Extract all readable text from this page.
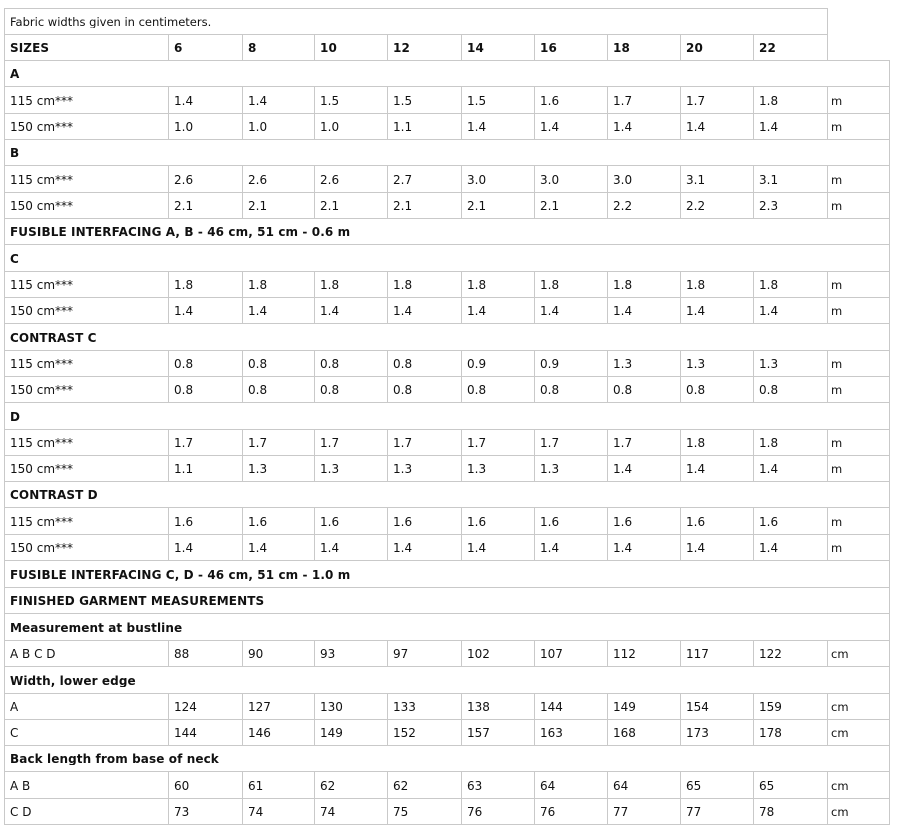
Fabric widths given in centimeters.
SIZES	6	8	10	12	14	16	18	20	22
A
115 cm***	1.4	1.4	1.5	1.5	1.5	1.6	1.7	1.7	1.8	m
150 cm***	1.0	1.0	1.0	1.1	1.4	1.4	1.4	1.4	1.4	m
B
115 cm***	2.6	2.6	2.6	2.7	3.0	3.0	3.0	3.1	3.1	m
150 cm***	2.1	2.1	2.1	2.1	2.1	2.1	2.2	2.2	2.3	m
FUSIBLE INTERFACING A, B - 46 cm, 51 cm - 0.6 m
C
115 cm***	1.8	1.8	1.8	1.8	1.8	1.8	1.8	1.8	1.8	m
150 cm***	1.4	1.4	1.4	1.4	1.4	1.4	1.4	1.4	1.4	m
CONTRAST C
115 cm***	0.8	0.8	0.8	0.8	0.9	0.9	1.3	1.3	1.3	m
150 cm***	0.8	0.8	0.8	0.8	0.8	0.8	0.8	0.8	0.8	m
D
115 cm***	1.7	1.7	1.7	1.7	1.7	1.7	1.7	1.8	1.8	m
150 cm***	1.1	1.3	1.3	1.3	1.3	1.3	1.4	1.4	1.4	m
CONTRAST D
115 cm***	1.6	1.6	1.6	1.6	1.6	1.6	1.6	1.6	1.6	m
150 cm***	1.4	1.4	1.4	1.4	1.4	1.4	1.4	1.4	1.4	m
FUSIBLE INTERFACING C, D - 46 cm, 51 cm - 1.0 m
FINISHED GARMENT MEASUREMENTS
Measurement at bustline
A B C D	88	90	93	97	102	107	112	117	122	cm
Width, lower edge
A	124	127	130	133	138	144	149	154	159	cm
C	144	146	149	152	157	163	168	173	178	cm
Back length from base of neck
A B	60	61	62	62	63	64	64	65	65	cm
C D	73	74	74	75	76	76	77	77	78	cm
